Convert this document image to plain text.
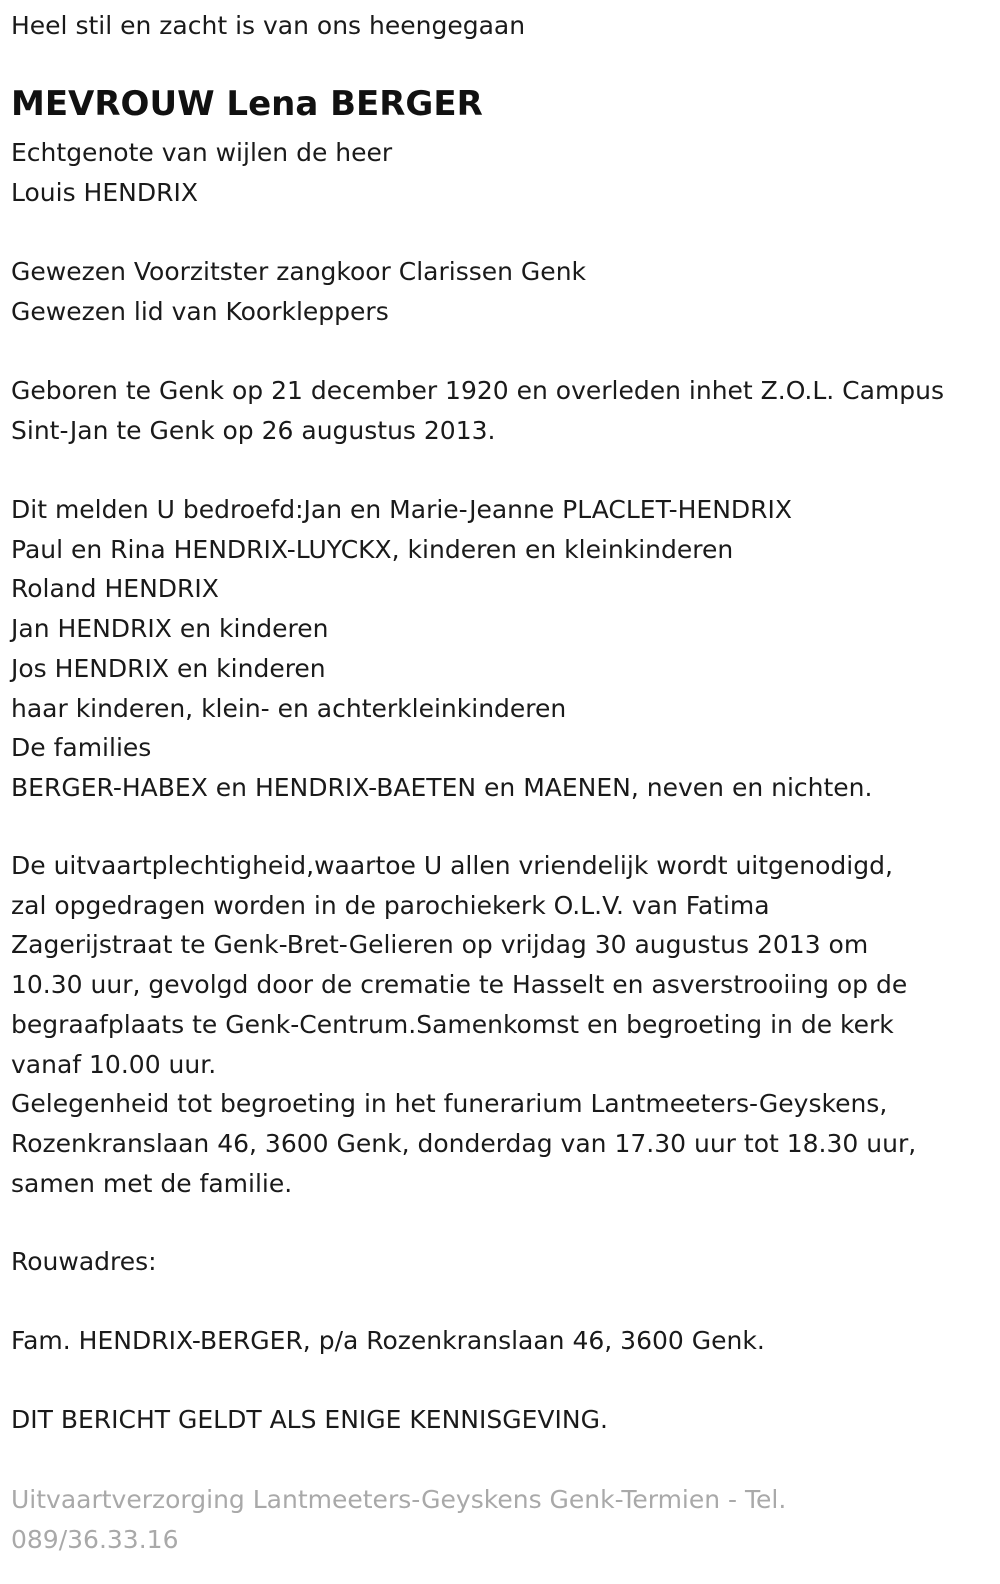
Heel stil en zacht is van ons heengegaan

MEVROUW Lena BERGER

Echtgenote van wijlen de heer

Louis HENDRIX

Gewezen Voorzitster zangkoor Clarissen Genk

Gewezen lid van Koorkleppers

Geboren te Genk op 21 december 1920 en overleden inhet Z.O.L. Campus

Sint-Jan te Genk op 26 augustus 2013.

Dit melden U bedroefd:Jan en Marie-Jeanne PLACLET-HENDRIX

Paul en Rina HENDRIX-LUYCKX, kinderen en kleinkinderen

Roland HENDRIX

Jan HENDRIX en kinderen

Jos HENDRIX en kinderen

haar kinderen, klein- en achterkleinkinderen

De families

BERGER-HABEX en HENDRIX-BAETEN en MAENEN, neven en nichten.

De uitvaartplechtigheid,waartoe U allen vriendelijk wordt uitgenodigd,

zal opgedragen worden in de parochiekerk O.L.V. van Fatima

Zagerijstraat te Genk-Bret-Gelieren op vrijdag 30 augustus 2013 om

10.30 uur, gevolgd door de crematie te Hasselt en asverstrooiing op de

begraafplaats te Genk-Centrum.Samenkomst en begroeting in de kerk

vanaf 10.00 uur.

Gelegenheid tot begroeting in het funerarium Lantmeeters-Geyskens,

Rozenkranslaan 46, 3600 Genk, donderdag van 17.30 uur tot 18.30 uur,

samen met de familie.

Rouwadres:

Fam. HENDRIX-BERGER, p/a Rozenkranslaan 46, 3600 Genk.

DIT BERICHT GELDT ALS ENIGE KENNISGEVING.

Uitvaartverzorging Lantmeeters-Geyskens Genk-Termien - Tel.

089/36.33.16
